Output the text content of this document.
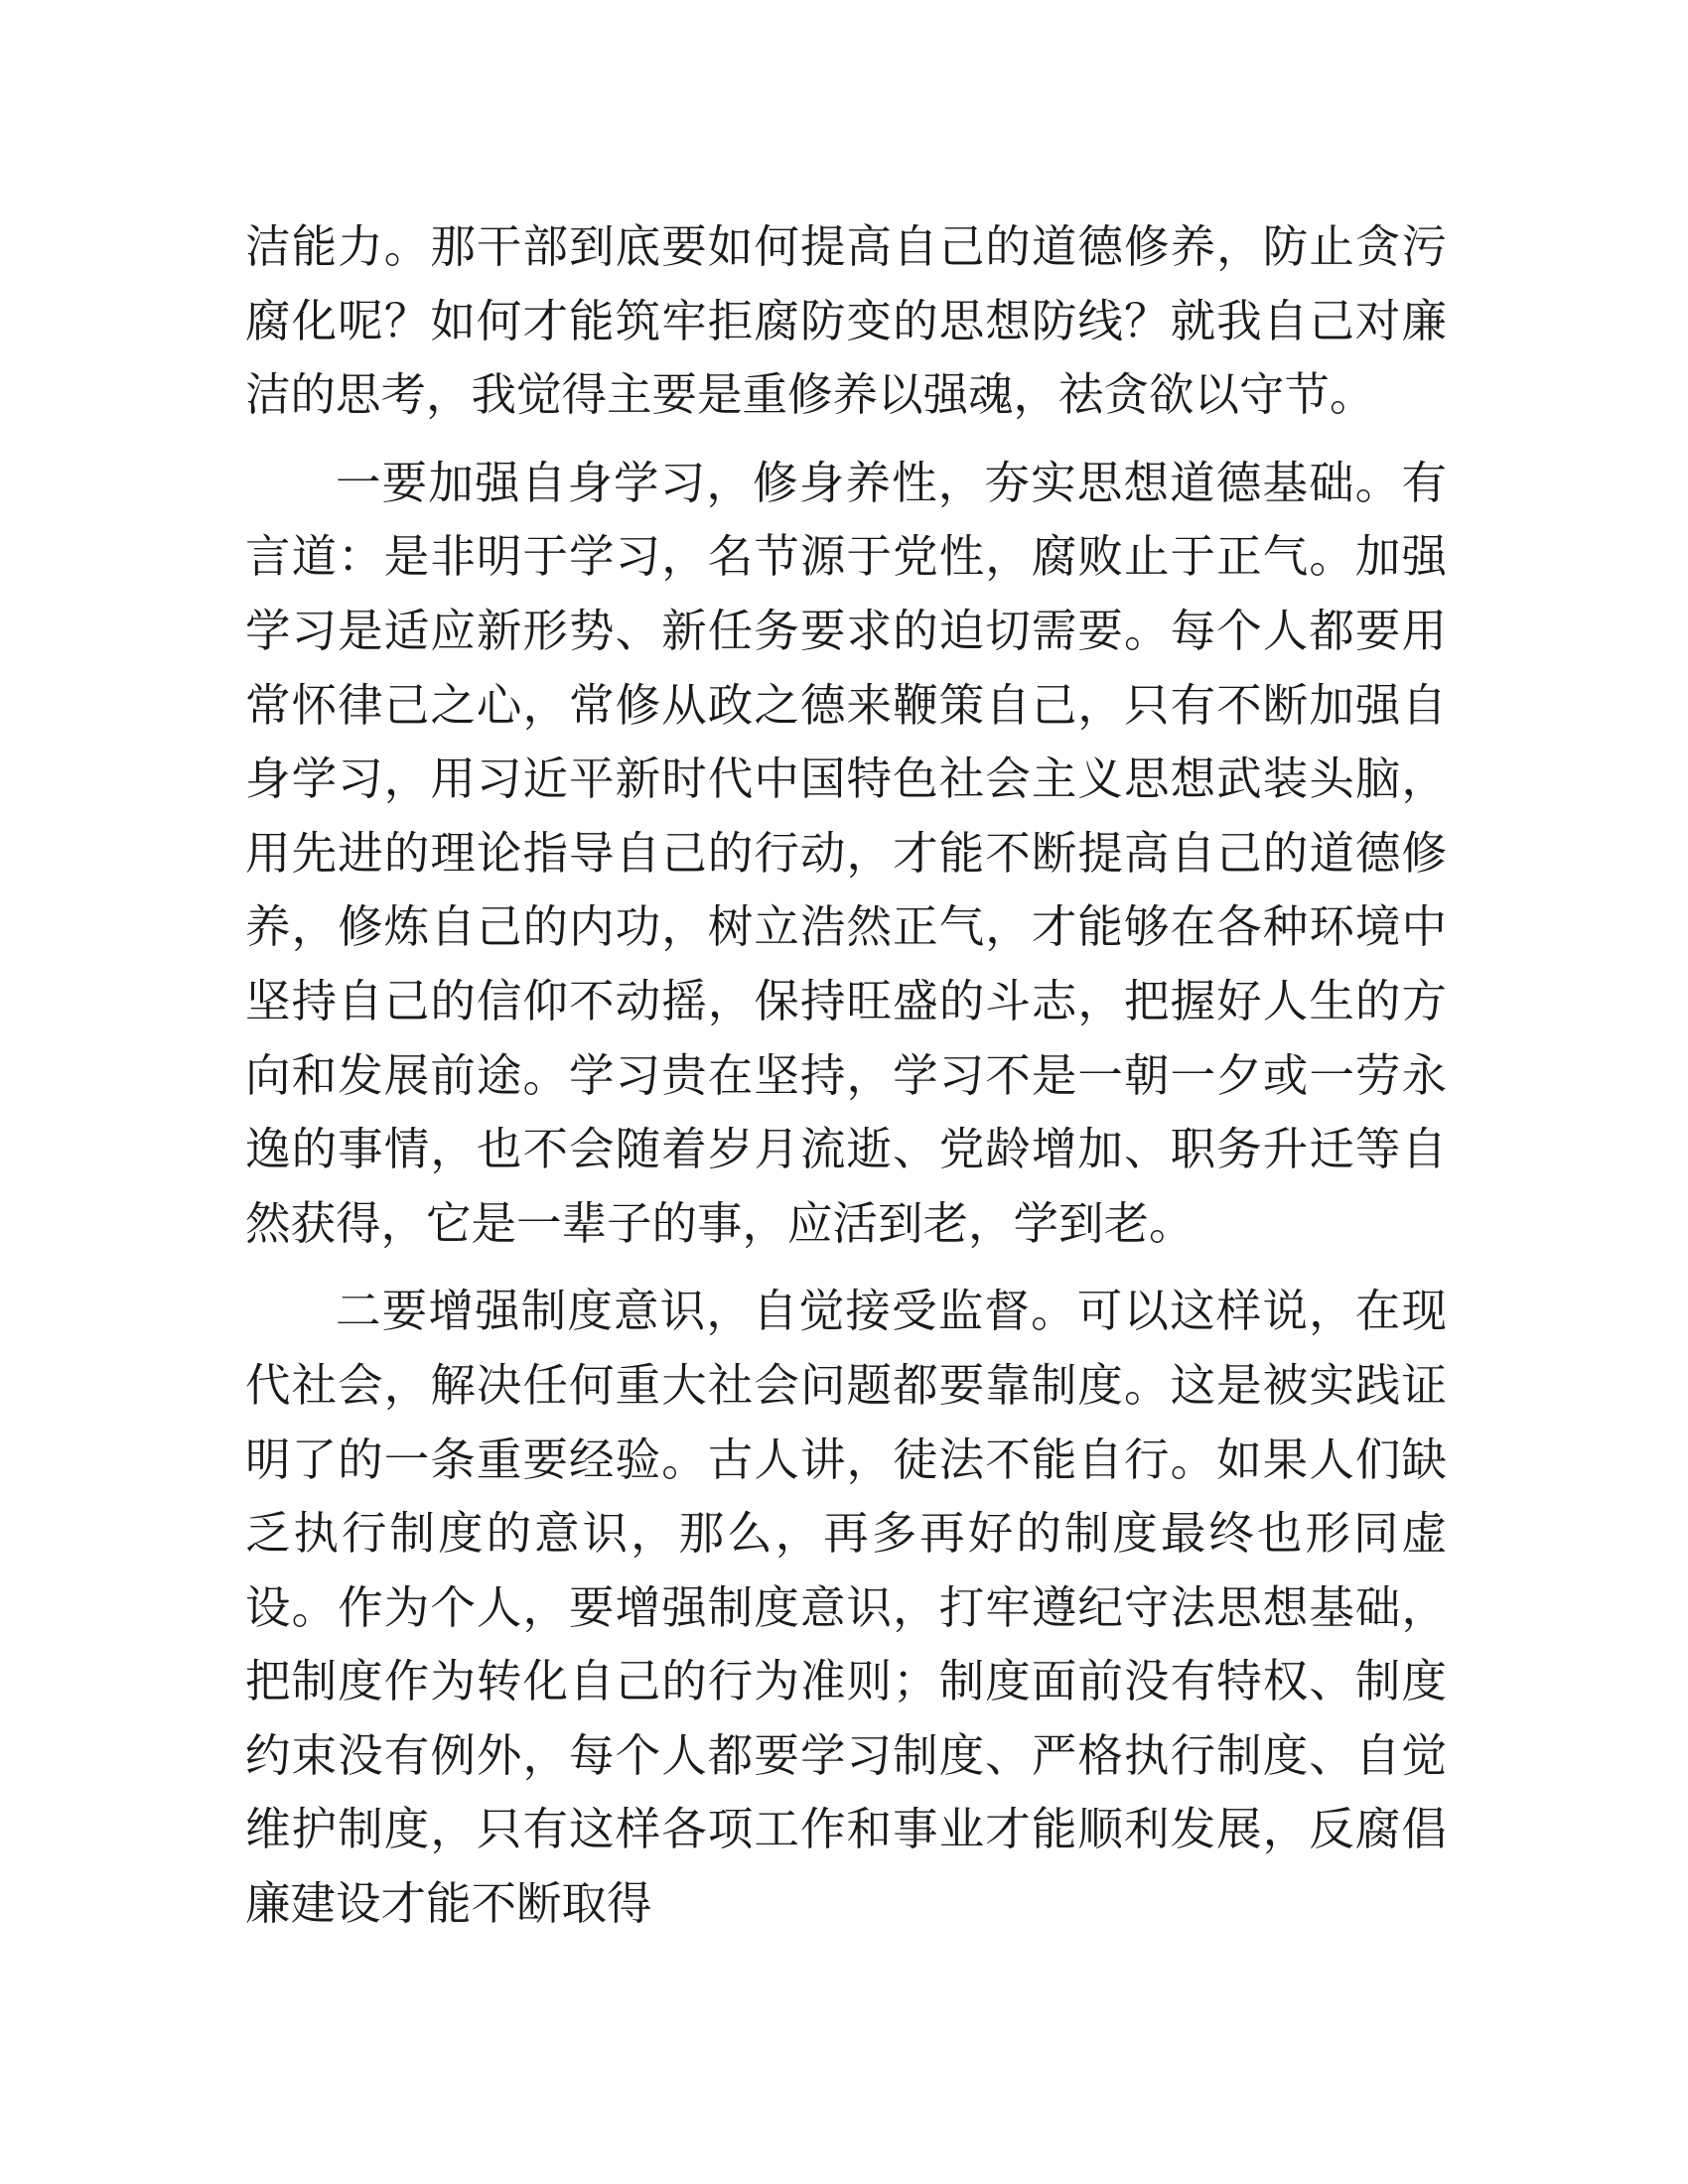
洁能力。那干部到底要如何提高自己的道德修养，防止贪污腐化呢？如何才能筑牢拒腐防变的思想防线？就我自己对廉洁的思考，我觉得主要是重修养以强魂，祛贪欲以守节。

一要加强自身学习，修身养性，夯实思想道德基础。有言道：是非明于学习，名节源于党性，腐败止于正气。加强学习是适应新形势、新任务要求的迫切需要。每个人都要用常怀律己之心，常修从政之德来鞭策自己，只有不断加强自身学习，用习近平新时代中国特色社会主义思想武装头脑，用先进的理论指导自己的行动，才能不断提高自己的道德修养，修炼自己的内功，树立浩然正气，才能够在各种环境中坚持自己的信仰不动摇，保持旺盛的斗志，把握好人生的方向和发展前途。学习贵在坚持，学习不是一朝一夕或一劳永逸的事情，也不会随着岁月流逝、党龄增加、职务升迁等自然获得，它是一辈子的事，应活到老，学到老。

二要增强制度意识，自觉接受监督。可以这样说，在现代社会，解决任何重大社会问题都要靠制度。这是被实践证明了的一条重要经验。古人讲，徒法不能自行。如果人们缺乏执行制度的意识，那么，再多再好的制度最终也形同虚设。作为个人，要增强制度意识，打牢遵纪守法思想基础，把制度作为转化自己的行为准则；制度面前没有特权、制度约束没有例外，每个人都要学习制度、严格执行制度、自觉维护制度，只有这样各项工作和事业才能顺利发展，反腐倡廉建设才能不断取得
